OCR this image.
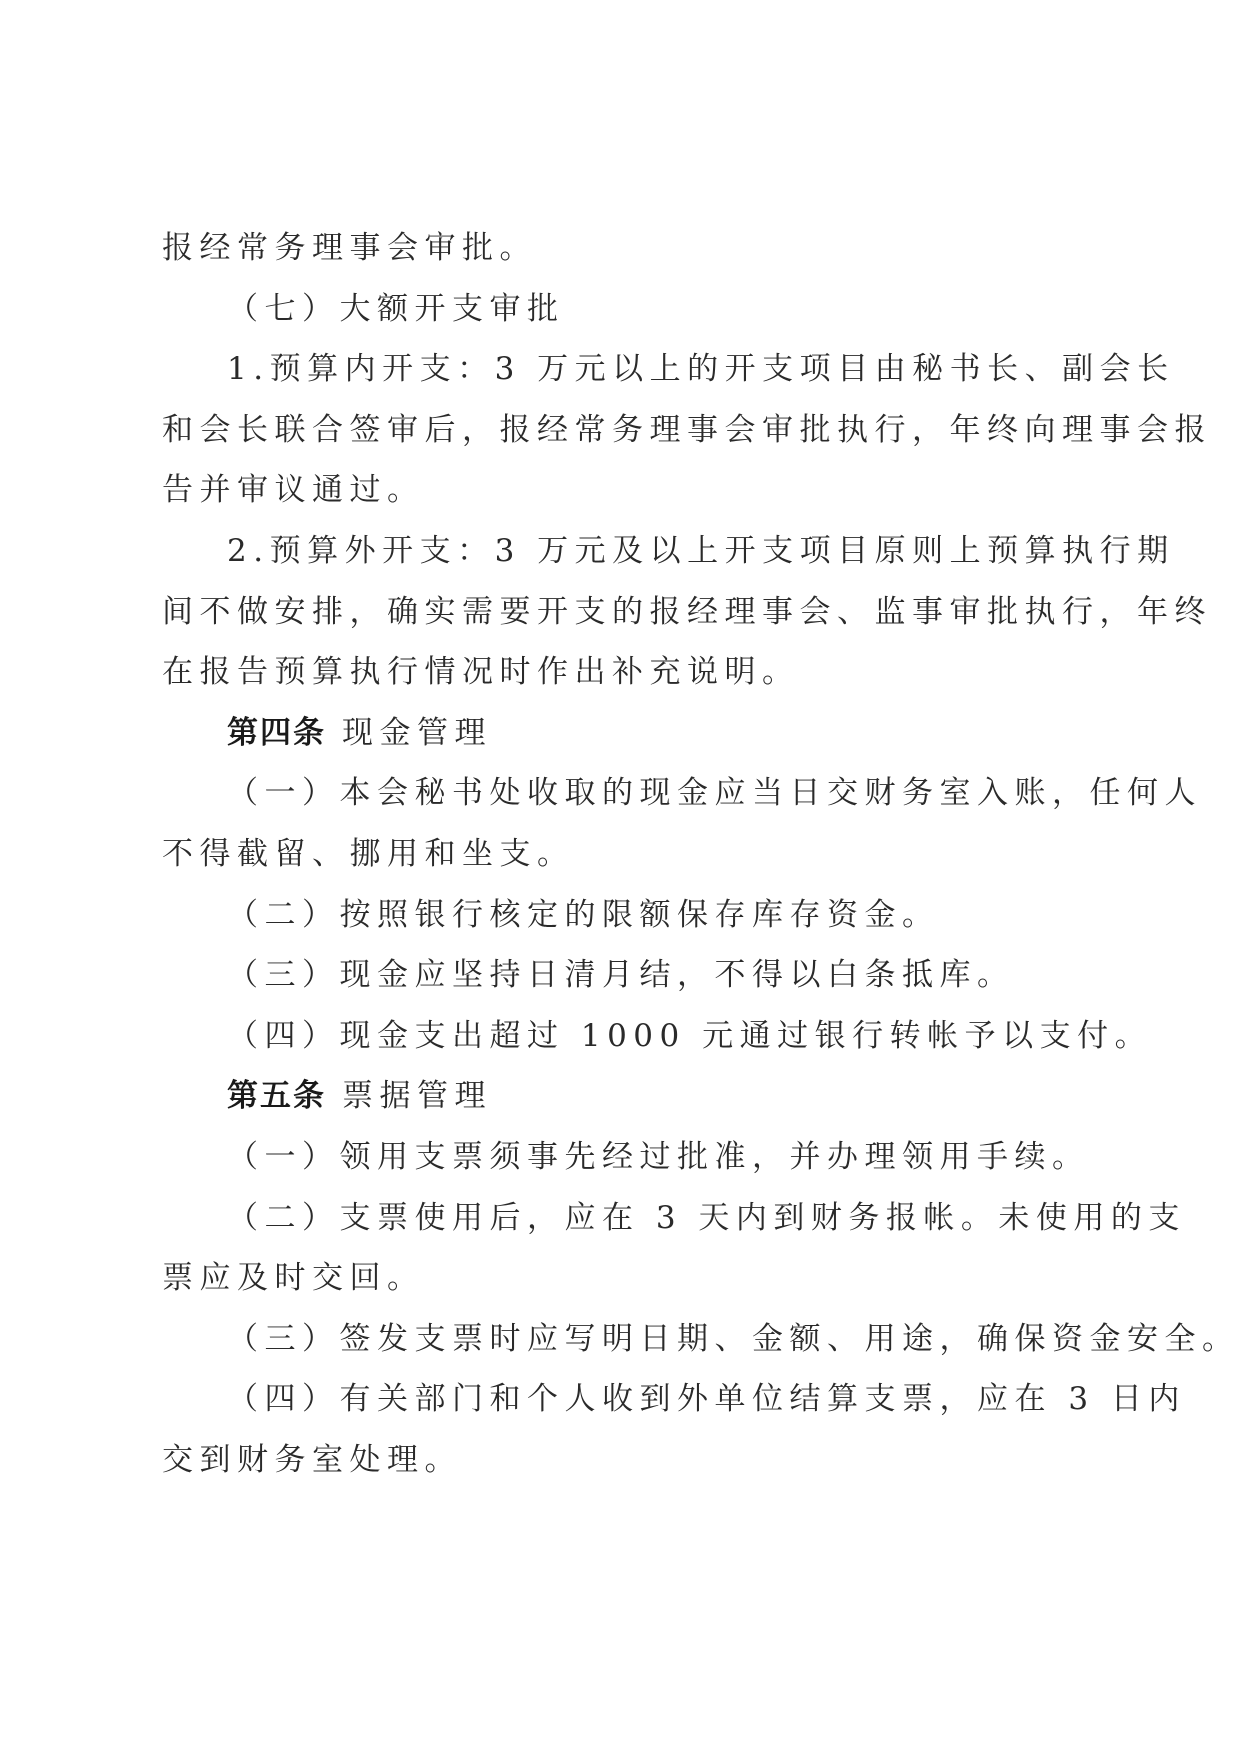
报经常务理事会审批。
（七）大额开支审批
1.预算内开支：3 万元以上的开支项目由秘书长、副会长
和会长联合签审后，报经常务理事会审批执行，年终向理事会报
告并审议通过。
2.预算外开支：3 万元及以上开支项目原则上预算执行期
间不做安排，确实需要开支的报经理事会、监事审批执行，年终
在报告预算执行情况时作出补充说明。
第四条 现金管理
（一）本会秘书处收取的现金应当日交财务室入账，任何人
不得截留、挪用和坐支。
（二）按照银行核定的限额保存库存资金。
（三）现金应坚持日清月结，不得以白条抵库。
（四）现金支出超过 1000 元通过银行转帐予以支付。
第五条 票据管理
（一）领用支票须事先经过批准，并办理领用手续。
（二）支票使用后，应在 3 天内到财务报帐。未使用的支
票应及时交回。
（三）签发支票时应写明日期、金额、用途，确保资金安全。
（四）有关部门和个人收到外单位结算支票，应在 3 日内
交到财务室处理。
